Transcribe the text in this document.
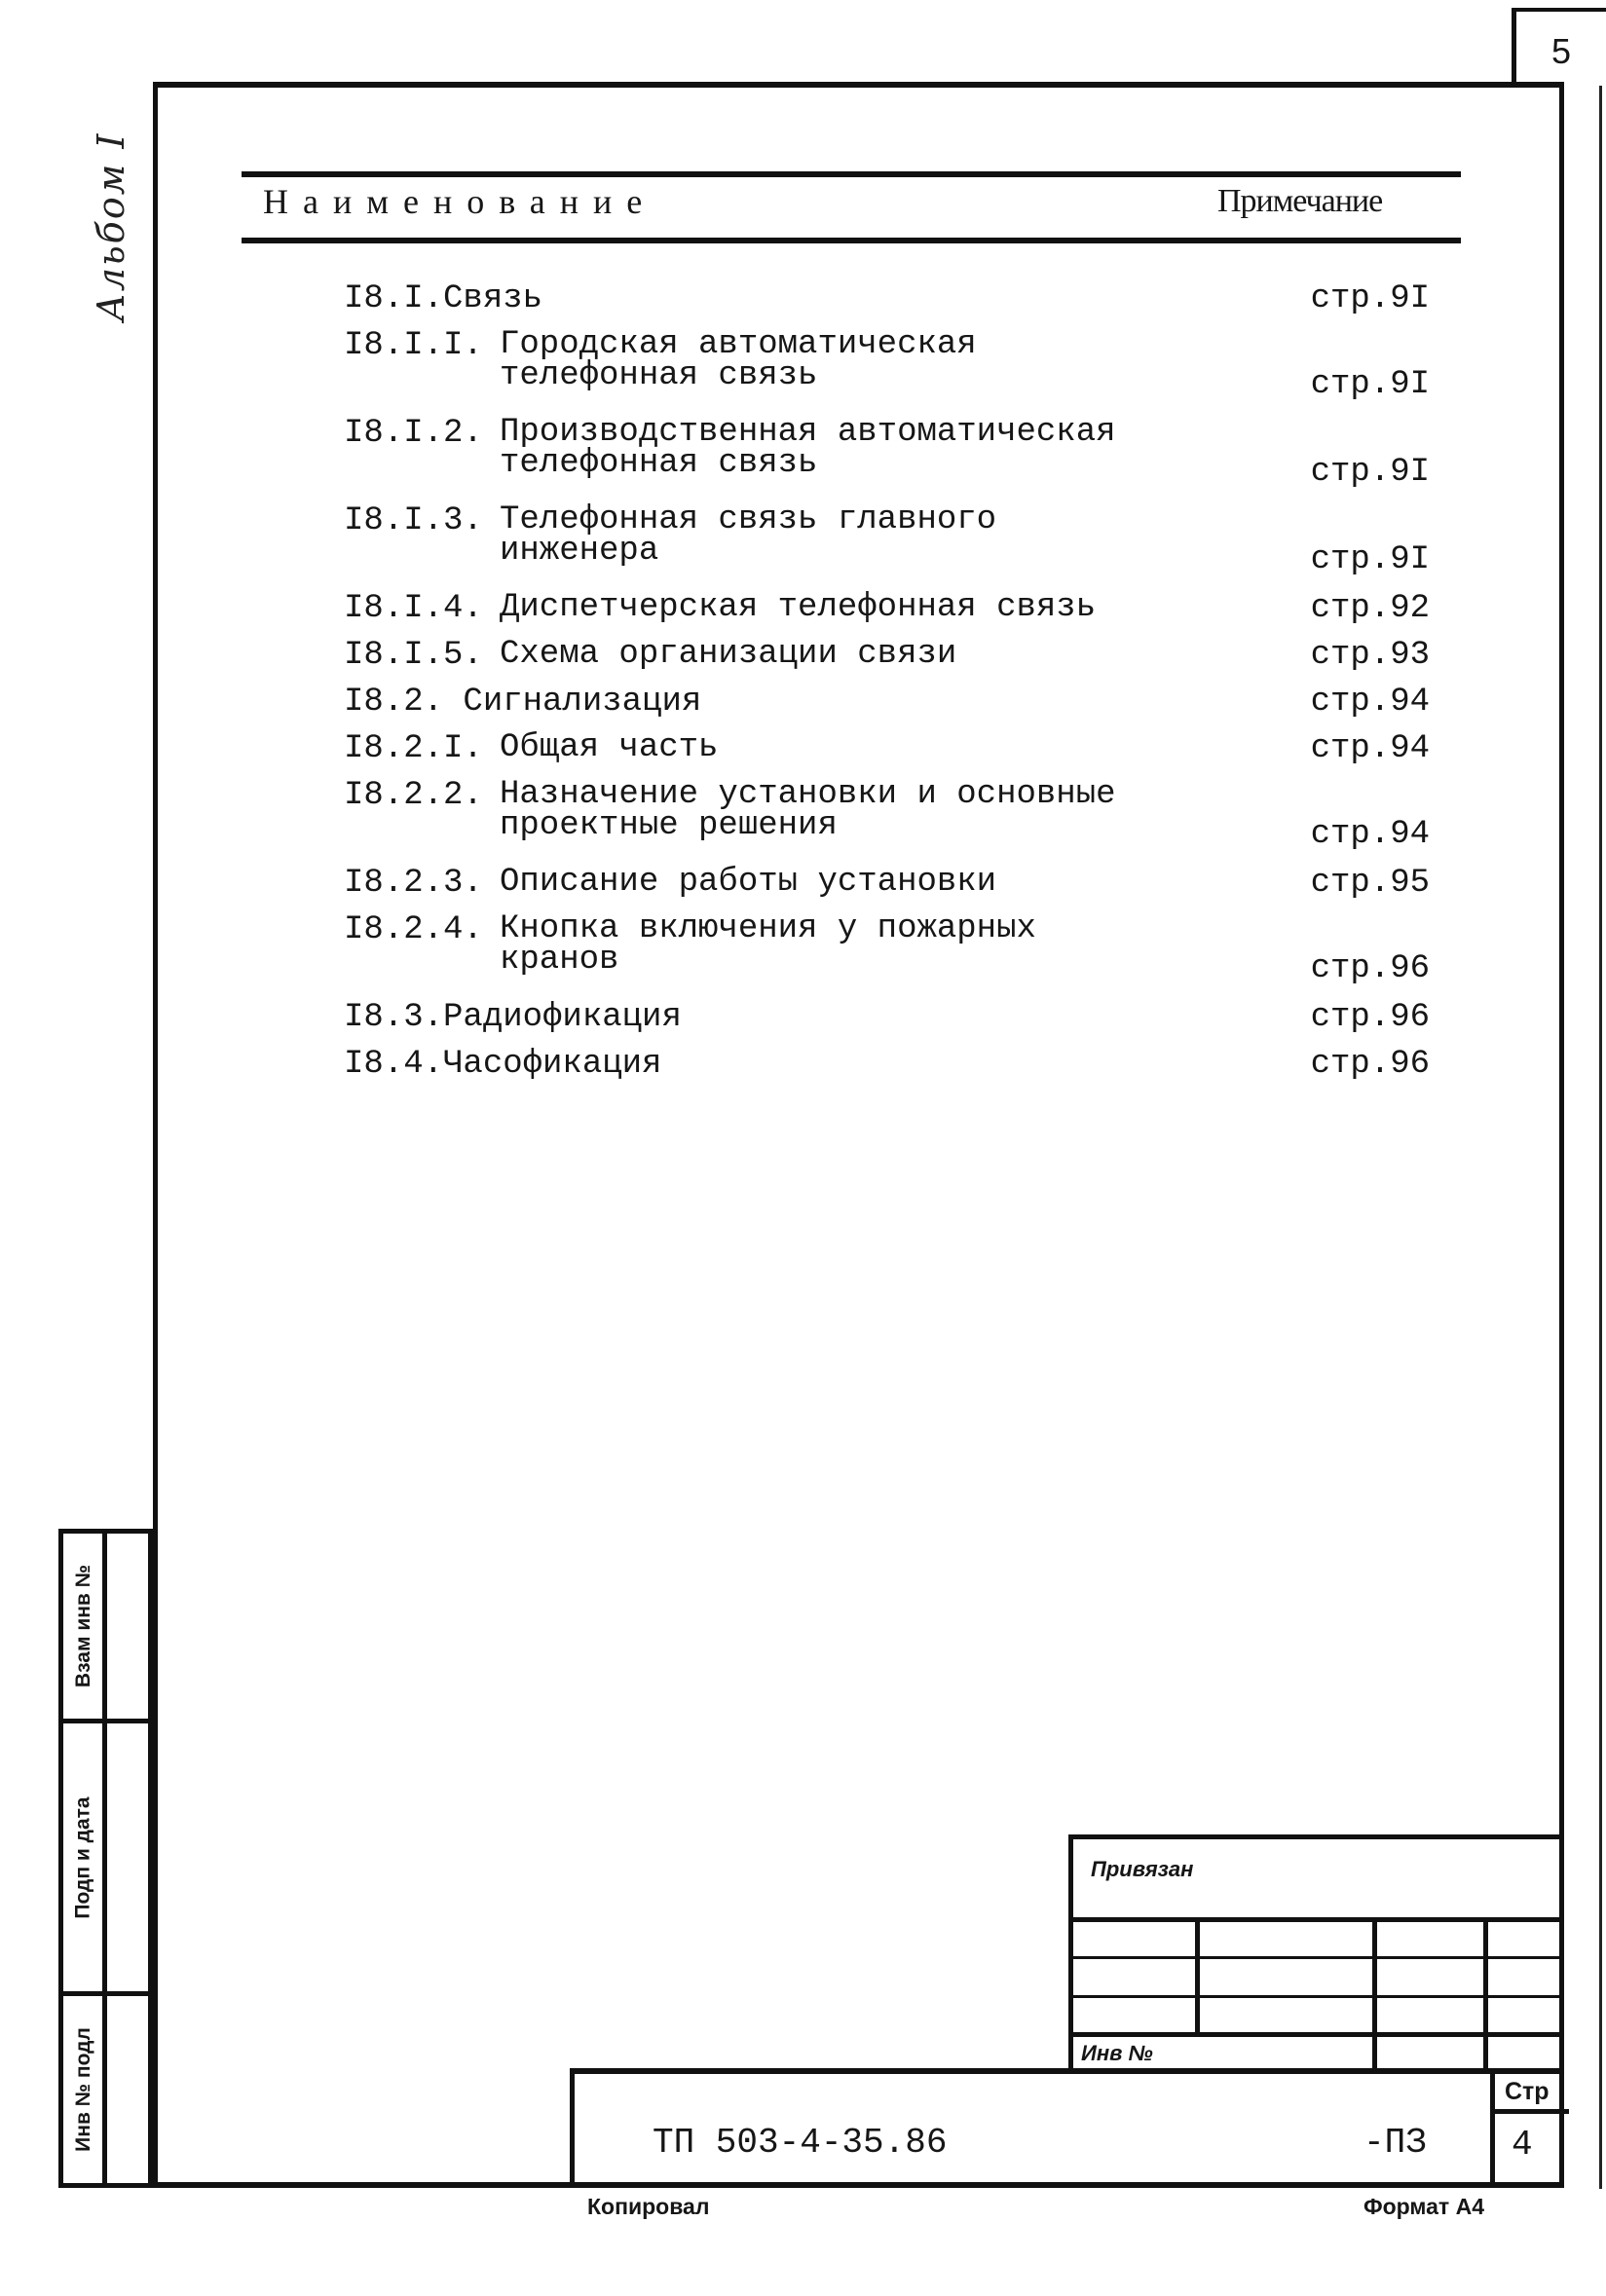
5
Альбом I	Наименование	Примечание
I8.I.Связь	стр.9I
I8.I.I. Городская автоматическая
телефонная связь	стр.9I
I8.I.2. Производственная автоматическая
телефонная связь	стр.9I
I8.I.3. Телефонная связь главного
инженера	стр.9I
I8.I.4. Диспетчерская телефонная связь	стр.92
I8.I.5. Схема организации связи	стр.93
I8.2. Сигнализация	стр.94
I8.2.I. Общая часть	стр.94
I8.2.2. Назначение установки и основные
проектные решения	стр.94
I8.2.3. Описание работы установки	стр.95
I8.2.4. Кнопка включения у пожарных
кранов	стр.96
I8.3.Радиофикация	стр.96
I8.4.Часофикация	стр.96
Взам инв №
Подп и дата
Инв № подл
Привязан
Инв №
ТП 503-4-35.86	-ПЗ
Стр
4
Копировал	Формат А4
